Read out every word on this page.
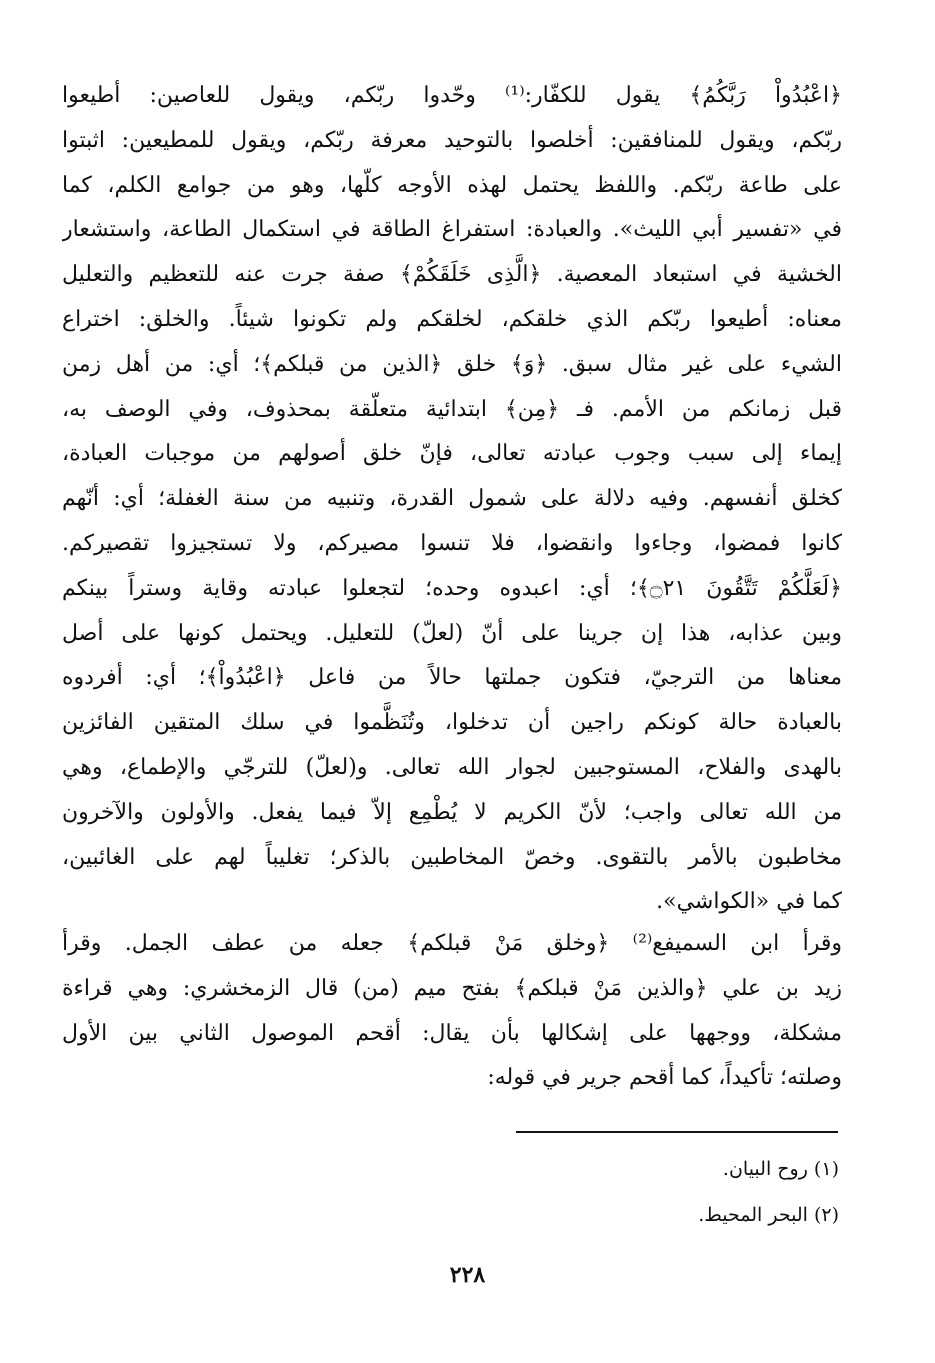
﴿اعْبُدُواْ رَبَّكُمُ﴾ يقول للكفّار:⁽¹⁾ وحّدوا ربّكم، ويقول للعاصين: أطيعوا
ربّكم، ويقول للمنافقين: أخلصوا بالتوحيد معرفة ربّكم، ويقول للمطيعين: اثبتوا
على طاعة ربّكم. واللفظ يحتمل لهذه الأوجه كلّها، وهو من جوامع الكلم، كما
في «تفسير أبي الليث». والعبادة: استفراغ الطاقة في استكمال الطاعة، واستشعار
الخشية في استبعاد المعصية. ﴿الَّذِى خَلَقَكُمْ﴾ صفة جرت عنه للتعظيم والتعليل
معناه: أطيعوا ربّكم الذي خلقكم، لخلقكم ولم تكونوا شيئاً. والخلق: اختراع
الشيء على غير مثال سبق. ﴿وَ﴾ خلق ﴿الذين من قبلكم﴾؛ أي: من أهل زمن
قبل زمانكم من الأمم. فـ ﴿مِن﴾ ابتدائية متعلّقة بمحذوف، وفي الوصف به،
إيماء إلى سبب وجوب عبادته تعالى، فإنّ خلق أصولهم من موجبات العبادة،
كخلق أنفسهم. وفيه دلالة على شمول القدرة، وتنبيه من سنة الغفلة؛ أي: أنّهم
كانوا فمضوا، وجاءوا وانقضوا، فلا تنسوا مصيركم، ولا تستجيزوا تقصيركم.
﴿لَعَلَّكُمْ تَتَّقُونَ ۝٢١﴾؛ أي: اعبدوه وحده؛ لتجعلوا عبادته وقاية وستراً بينكم
وبين عذابه، هذا إن جرينا على أنّ (لعلّ) للتعليل. ويحتمل كونها على أصل
معناها من الترجيّ، فتكون جملتها حالاً من فاعل ﴿اعْبُدُواْ﴾؛ أي: أفردوه
بالعبادة حالة كونكم راجين أن تدخلوا، وتُنَظَّموا في سلك المتقين الفائزين
بالهدى والفلاح، المستوجبين لجوار الله تعالى. و(لعلّ) للترجّي والإطماع، وهي
من الله تعالى واجب؛ لأنّ الكريم لا يُطْمِع إلاّ فيما يفعل. والأولون والآخرون
مخاطبون بالأمر بالتقوى. وخصّ المخاطبين بالذكر؛ تغليباً لهم على الغائبين،
كما في «الكواشي».
وقرأ ابن السميفع⁽²⁾ ﴿وخلق مَنْ قبلكم﴾ جعله من عطف الجمل. وقرأ
زيد بن علي ﴿والذين مَنْ قبلكم﴾ بفتح ميم (من) قال الزمخشري: وهي قراءة
مشكلة، ووجهها على إشكالها بأن يقال: أقحم الموصول الثاني بين الأول
وصلته؛ تأكيداً، كما أقحم جرير في قوله:
(١) روح البيان.
(٢) البحر المحيط.
٢٢٨
